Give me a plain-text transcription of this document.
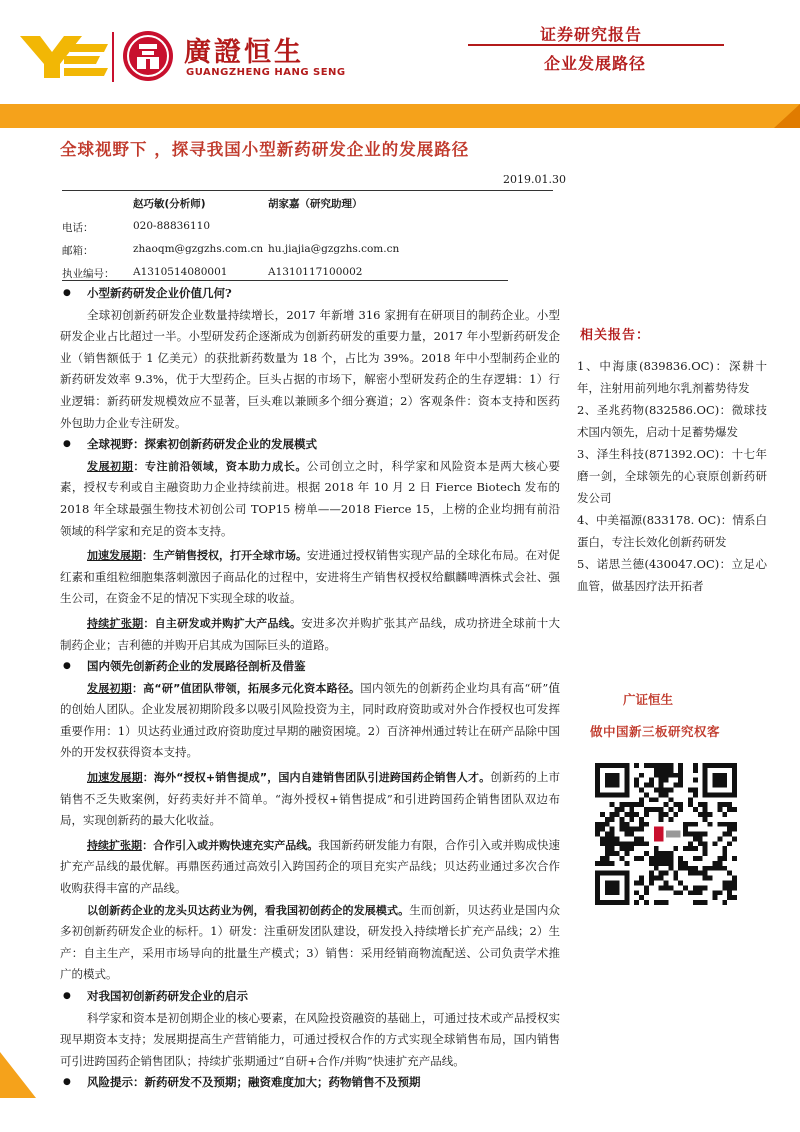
廣證恒生
GUANGZHENG HANG SENG
证券研究报告
企业发展路径
全球视野下 ，探寻我国小型新药研发企业的发展路径
2019.01.30
赵巧敏(分析师)	胡家嘉（研究助理）
电话：	020-88836110
邮箱：	zhaoqm@gzgzhs.com.cn hu.jiajia@gzgzhs.com.cn
执业编号： A1310514080001	A1310117100002

● 小型新药研发企业价值几何?

全球初创新药研发企业数量持续增长，2017 年新增 316 家拥有在研项目的制药企业。小型研发企业占比超过一半。小型研发药企逐渐成为创新药研发的重要力量，2017 年小型新药研发企业（销售额低于 1 亿美元）的获批新药数量为 18 个，占比为 39%。2018 年中小型制药企业的新药研发效率 9.3%，优于大型药企。巨头占据的市场下，解密小型研发药企的生存逻辑：1）行业逻辑：新药研发规模效应不显著，巨头难以兼顾多个细分赛道；2）客观条件：资本支持和医药外包助力企业专注研发。

● 全球视野：探索初创新药研发企业的发展模式

发展初期：专注前沿领域，资本助力成长。公司创立之时，科学家和风险资本是两大核心要素，授权专利或自主融资助力企业持续前进。根据 2018 年 10 月 2 日 Fierce Biotech 发布的 2018 年全球最强生物技术初创公司 TOP15 榜单——2018 Fierce 15，上榜的企业均拥有前沿领域的科学家和充足的资本支持。

加速发展期：生产销售授权，打开全球市场。安进通过授权销售实现产品的全球化布局。在对促红素和重组粒细胞集落刺激因子商品化的过程中，安进将生产销售权授权给麒麟啤酒株式会社、强生公司，在资金不足的情况下实现全球的收益。

持续扩张期：自主研发或并购扩大产品线。安进多次并购扩张其产品线，成功挤进全球前十大制药企业；吉利德的并购开启其成为国际巨头的道路。

● 国内领先创新药企业的发展路径剖析及借鉴

发展初期：高“研”值团队带领，拓展多元化资本路径。国内领先的创新药企业均具有高“研”值的创始人团队。企业发展初期阶段多以吸引风险投资为主，同时政府资助或对外合作授权也可发挥重要作用：1）贝达药业通过政府资助度过早期的融资困境。2）百济神州通过转让在研产品除中国外的开发权获得资本支持。

加速发展期：海外“授权+销售提成”，国内自建销售团队引进跨国药企销售人才。创新药的上市销售不乏失败案例，好药卖好并不简单。“海外授权+销售提成”和引进跨国药企销售团队双边布局，实现创新药的最大化收益。

持续扩张期：合作引入或并购快速充实产品线。我国新药研发能力有限，合作引入或并购成快速扩充产品线的最优解。再鼎医药通过高效引入跨国药企的项目充实产品线；贝达药业通过多次合作收购获得丰富的产品线。

以创新药企业的龙头贝达药业为例，看我国初创药企的发展模式。生而创新，贝达药业是国内众多初创新药研发企业的标杆。1）研发：注重研发团队建设，研发投入持续增长扩充产品线；2）生产：自主生产，采用市场导向的批量生产模式；3）销售：采用经销商物流配送、公司负责学术推广的模式。

● 对我国初创新药研发企业的启示

科学家和资本是初创期企业的核心要素，在风险投资融资的基础上，可通过技术或产品授权实现早期资本支持；发展期提高生产营销能力，可通过授权合作的方式实现全球销售布局，国内销售可引进跨国药企销售团队；持续扩张期通过“自研+合作/并购”快速扩充产品线。

● 风险提示：新药研发不及预期；融资难度加大；药物销售不及预期

相关报告：
1、中海康(839836.OC)：深耕十年，注射用前列地尔乳剂蓄势待发
2、圣兆药物(832586.OC)：微球技术国内领先，启动十足蓄势爆发
3、泽生科技(871392.OC)：十七年磨一剑，全球领先的心衰原创新药研发公司
4、中美福源(833178. OC)：情系白蛋白，专注长效化创新药研发
5、诺思兰德(430047.OC)：立足心血管，做基因疗法开拓者
广证恒生
做中国新三板研究权客
